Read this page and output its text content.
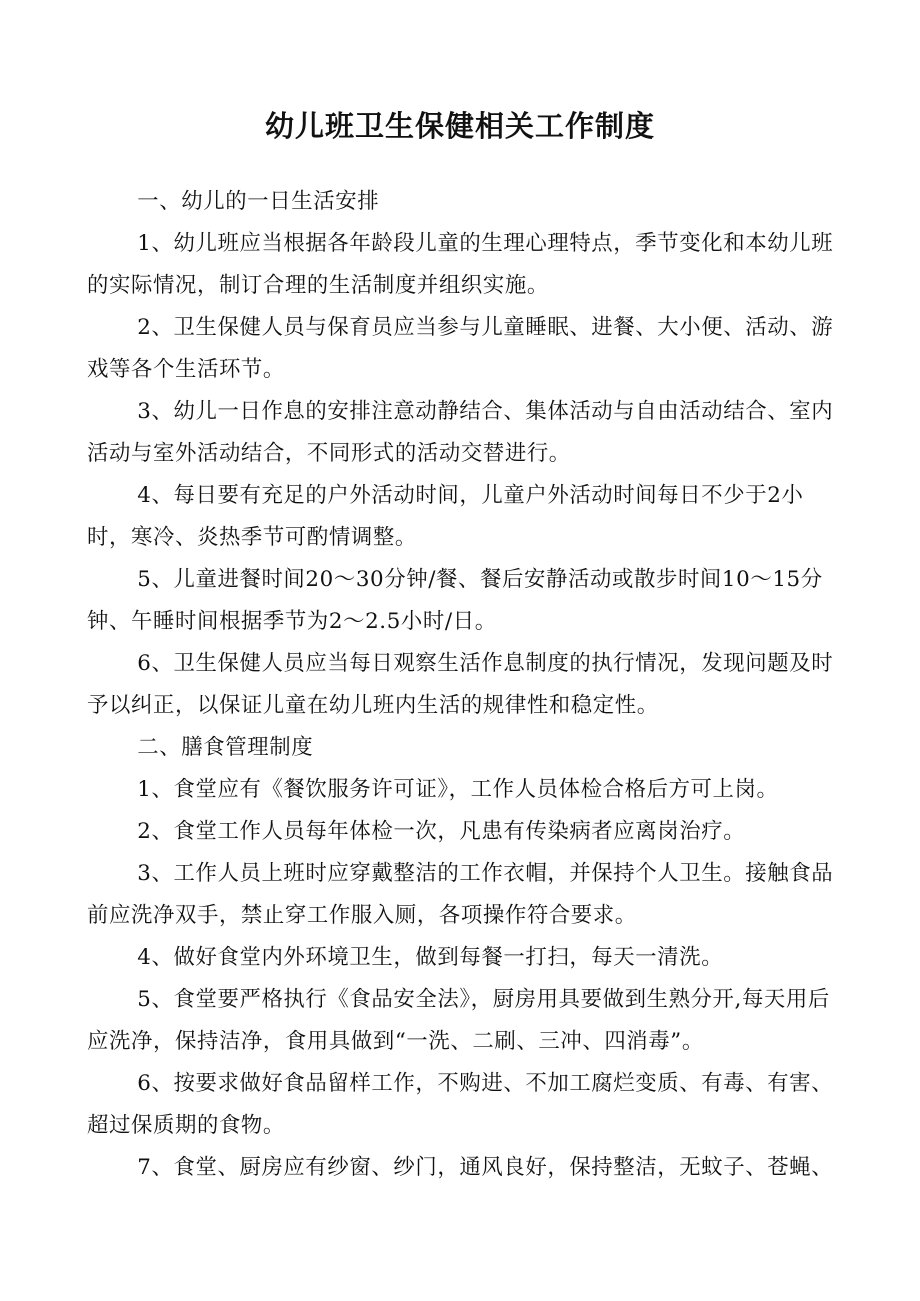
幼儿班卫生保健相关工作制度

一、幼儿的一日生活安排

1、幼儿班应当根据各年龄段儿童的生理心理特点，季节变化和本幼儿班的实际情况，制订合理的生活制度并组织实施。

2、卫生保健人员与保育员应当参与儿童睡眠、进餐、大小便、活动、游戏等各个生活环节。

3、幼儿一日作息的安排注意动静结合、集体活动与自由活动结合、室内活动与室外活动结合，不同形式的活动交替进行。

4、每日要有充足的户外活动时间，儿童户外活动时间每日不少于2小时，寒冷、炎热季节可酌情调整。

5、儿童进餐时间20～30分钟/餐、餐后安静活动或散步时间10～15分钟、午睡时间根据季节为2～2.5小时/日。

6、卫生保健人员应当每日观察生活作息制度的执行情况，发现问题及时予以纠正，以保证儿童在幼儿班内生活的规律性和稳定性。

二、膳食管理制度

1、食堂应有《餐饮服务许可证》，工作人员体检合格后方可上岗。

2、食堂工作人员每年体检一次，凡患有传染病者应离岗治疗。

3、工作人员上班时应穿戴整洁的工作衣帽，并保持个人卫生。接触食品前应洗净双手，禁止穿工作服入厕，各项操作符合要求。

4、做好食堂内外环境卫生，做到每餐一打扫，每天一清洗。

5、食堂要严格执行《食品安全法》，厨房用具要做到生熟分开,每天用后应洗净，保持洁净，食用具做到“一洗、二刷、三冲、四消毒”。

6、按要求做好食品留样工作，不购进、不加工腐烂变质、有毒、有害、超过保质期的食物。

7、食堂、厨房应有纱窗、纱门，通风良好，保持整洁，无蚊子、苍蝇、
